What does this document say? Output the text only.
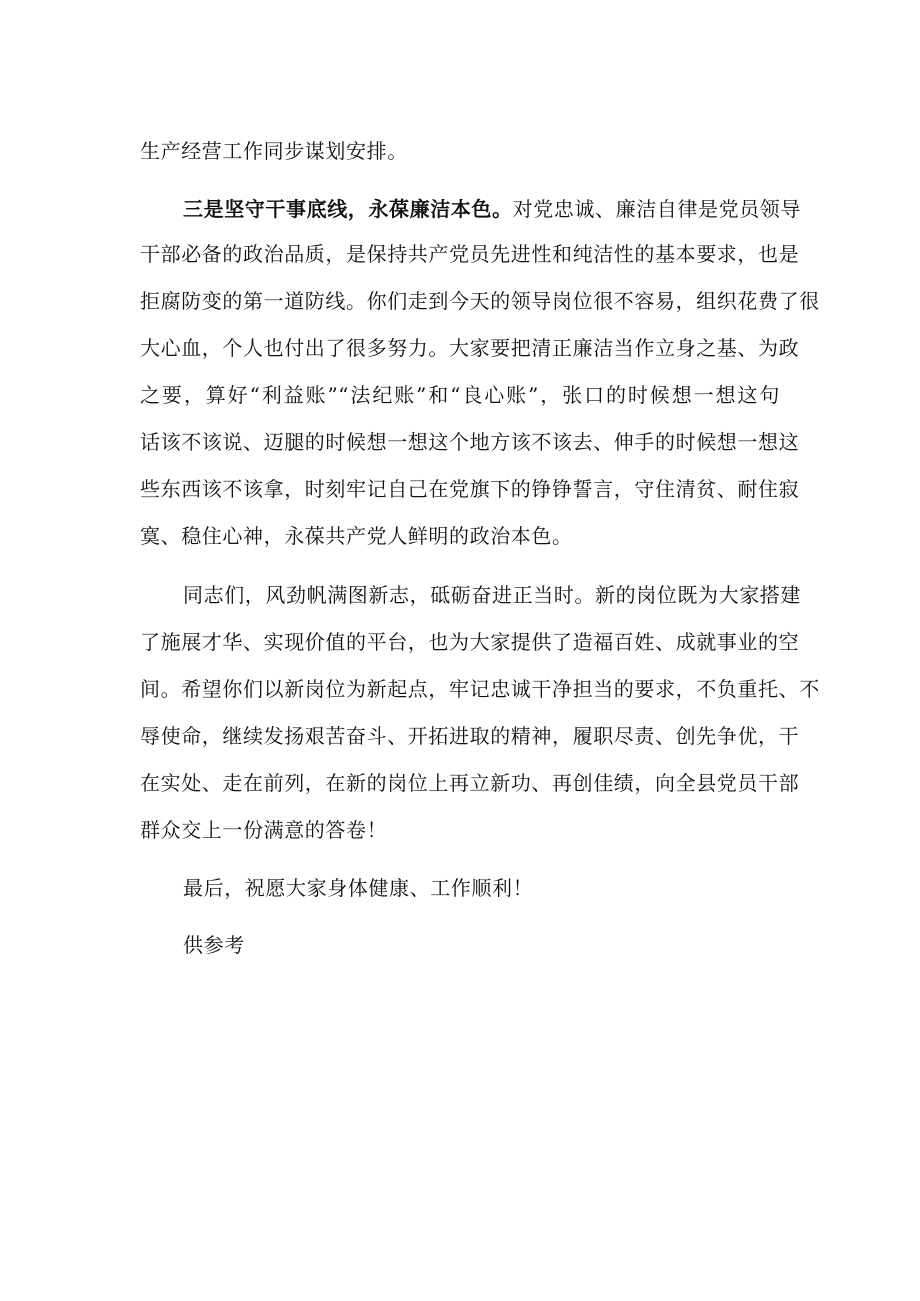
生产经营工作同步谋划安排。
三是坚守干事底线，永葆廉洁本色。对党忠诚、廉洁自律是党员领导
干部必备的政治品质，是保持共产党员先进性和纯洁性的基本要求，也是
拒腐防变的第一道防线。你们走到今天的领导岗位很不容易，组织花费了很
大心血，个人也付出了很多努力。大家要把清正廉洁当作立身之基、为政
之要，算好“利益账”“法纪账”和“良心账”，张口的时候想一想这句
话该不该说、迈腿的时候想一想这个地方该不该去、伸手的时候想一想这
些东西该不该拿，时刻牢记自己在党旗下的铮铮誓言，守住清贫、耐住寂
寞、稳住心神，永葆共产党人鲜明的政治本色。
同志们，风劲帆满图新志，砥砺奋进正当时。新的岗位既为大家搭建
了施展才华、实现价值的平台，也为大家提供了造福百姓、成就事业的空
间。希望你们以新岗位为新起点，牢记忠诚干净担当的要求，不负重托、不
辱使命，继续发扬艰苦奋斗、开拓进取的精神，履职尽责、创先争优，干
在实处、走在前列，在新的岗位上再立新功、再创佳绩，向全县党员干部
群众交上一份满意的答卷！
最后，祝愿大家身体健康、工作顺利！
供参考
